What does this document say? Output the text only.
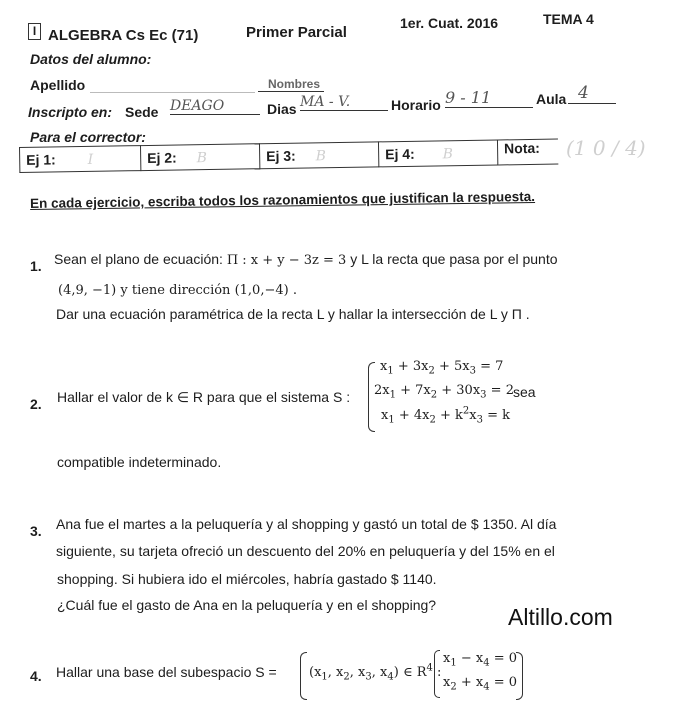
I ALGEBRA Cs Ec (71)	Primer Parcial
1er. Cuat. 2016	TEMA 4
Datos del alumno:
Apellido	Nombres
Inscripto en: Sede DEAGO	Dias MA - V.	Horario 9 - 11	Aula 4
Para el corrector:
Ej 1: I	Ej 2: B	Ej 3: B	Ej 4: B	Nota: (1 0 / 4)
En cada ejercicio, escriba todos los razonamientos que justifican la respuesta.
1. Sean el plano de ecuación: Π : x + y − 3z = 3 y L la recta que pasa por el punto
(4,9, −1) y tiene dirección (1,0,−4) .
Dar una ecuación paramétrica de la recta L y hallar la intersección de L y Π .
2. Hallar el valor de k ∈ R para que el sistema S :
$x_1 + 3x_2 + 5x_3 = 7$
$2x_1 + 7x_2 + 30x_3 = 2$
$x_1 + 4x_2 + k^2x_3 = k$
sea
compatible indeterminado.
3. Ana fue el martes a la peluquería y al shopping y gastó un total de $ 1350. Al día
siguiente, su tarjeta ofreció un descuento del 20% en peluquería y del 15% en el
shopping. Si hubiera ido el miércoles, habría gastado $ 1140.
¿Cuál fue el gasto de Ana en la peluquería y en el shopping?	Altillo.com
4. Hallar una base del subespacio $S = (x_1$, $x_2$, $x_3$, $x_4$) ∈ $R^4$ :
$x_1 - x_4 = 0$
$x_2 + x_4 = 0$
